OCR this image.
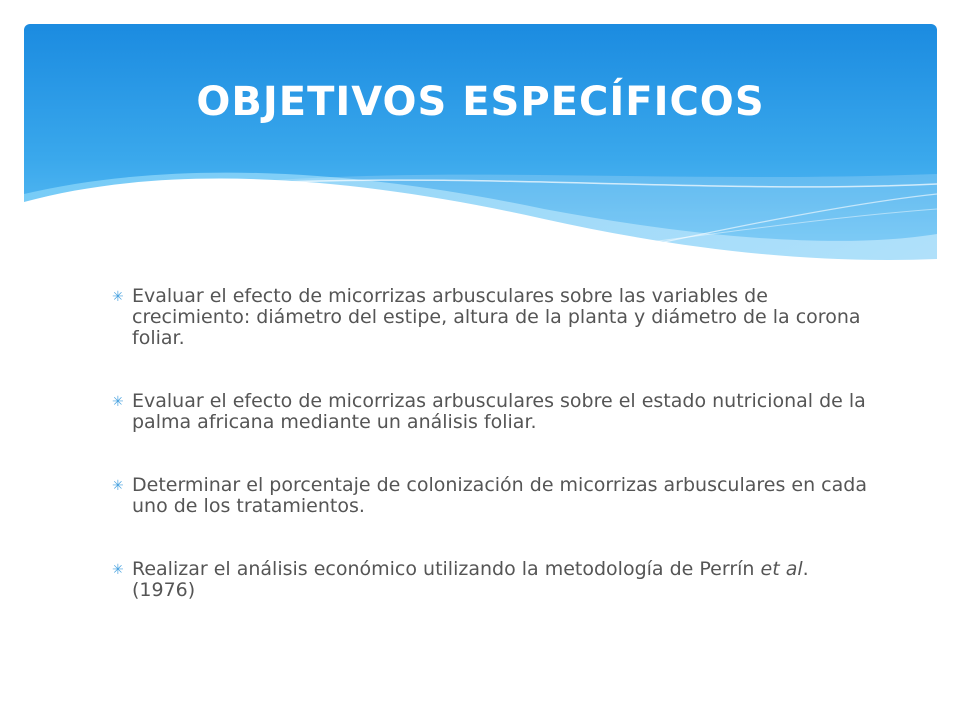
OBJETIVOS ESPECÍFICOS
✳ Evaluar el efecto de micorrizas arbusculares sobre las variables de crecimiento: diámetro del estipe, altura de la planta y diámetro de la corona foliar.
✳ Evaluar el efecto de micorrizas arbusculares sobre el estado nutricional de la palma africana mediante un análisis foliar.
✳ Determinar el porcentaje de colonización de micorrizas arbusculares en cada uno de los tratamientos.
✳ Realizar el análisis económico utilizando la metodología de Perrín et al. (1976)
